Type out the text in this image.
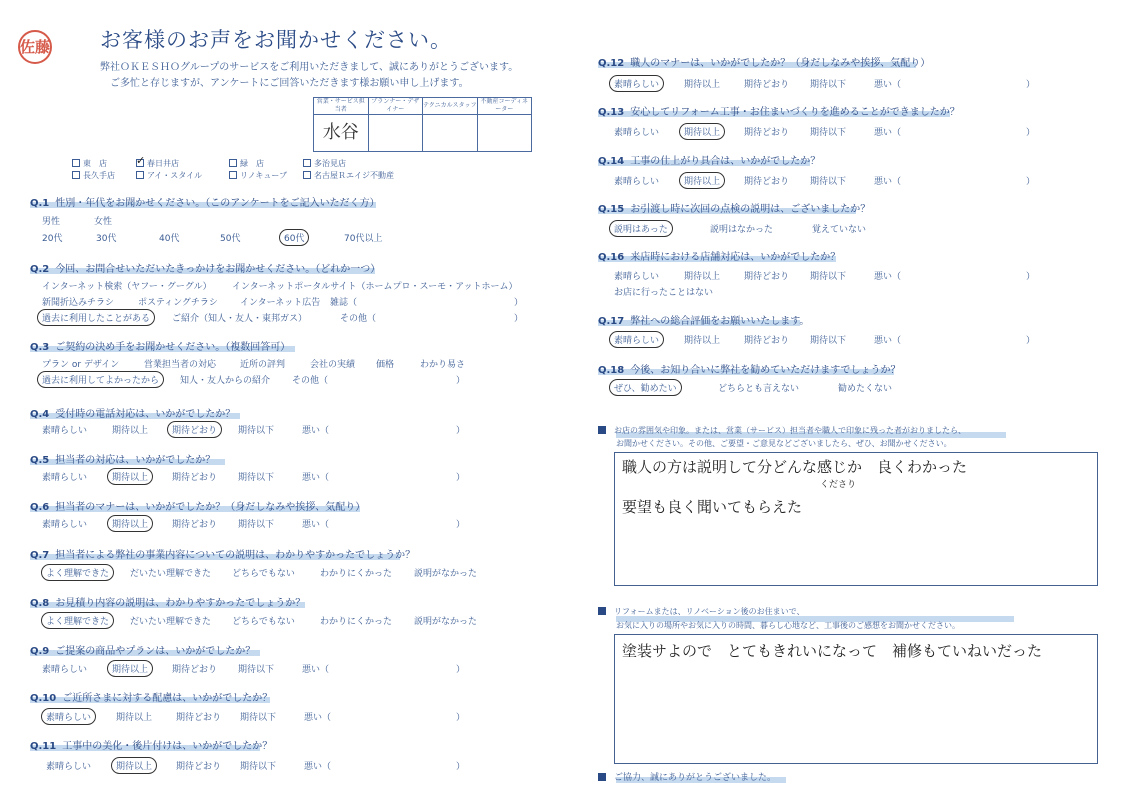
佐藤 お客様のお声をお聞かせください。
弊社ＯＫＥＳＨＯグループのサービスをご利用いただきまして、誠にありがとうございます。
ご多忙と存じますが、アンケートにご回答いただきます様お願い申し上げます。
営業・サービス担当者	プランナー・デザイナー	テクニカルスタッフ	不動産コーディネーター
水谷			
東　店 ✓	春日井店	緑　店	多治見店
長久手店	アイ・スタイル	リノキューブ	名古屋Ｒエイジ不動産
Q.1 性別・年代をお聞かせください。（このアンケートをご記入いただく方）
男性	女性
20代	30代	40代	50代	60代	70代以上
Q.2 今回、お問合せいただいたきっかけをお聞かせください。（どれか一つ）
インターネット検索（ヤフー・グーグル） インターネットポータルサイト（ホームプロ・スーモ・アットホーム）
新聞折込みチラシ	ポスティングチラシ インターネット広告 雑誌（	）
過去に利用したことがある	ご紹介（知人・友人・東邦ガス）	その他（	）
Q.3 ご契約の決め手をお聞かせください。（複数回答可）
プラン or デザイン	営業担当者の対応	近所の評判	会社の実績 価格	わかり易さ
過去に利用してよかったから	知人・友人からの紹介 その他（	）
Q.4 受付時の電話対応は、いかがでしたか？
素晴らしい	期待以上	期待どおり	期待以下	悪い（	）
Q.5 担当者の対応は、いかがでしたか？
素晴らしい	期待以上	期待どおり 期待以下	悪い（	）
Q.6 担当者のマナーは、いかがでしたか？（身だしなみや挨拶、気配り）
素晴らしい	期待以上	期待どおり 期待以下	悪い（	）
Q.7 担当者による弊社の事業内容についての説明は、わかりやすかったでしょうか？
よく理解できた	だいたい理解できた どちらでもない	わかりにくかった 説明がなかった
Q.8 お見積り内容の説明は、わかりやすかったでしょうか？
よく理解できた	だいたい理解できた どちらでもない	わかりにくかった 説明がなかった
Q.9 ご提案の商品やプランは、いかがでしたか？
素晴らしい	期待以上	期待どおり 期待以下	悪い（	）
Q.10 ご近所さまに対する配慮は、いかがでしたか？
素晴らしい	期待以上	期待どおり 期待以下	悪い（	）
Q.11 工事中の美化・後片付けは、いかがでしたか？
素晴らしい	期待以上	期待どおり 期待以下	悪い（	）
Q.12 職人のマナーは、いかがでしたか？（身だしなみや挨拶、気配り）
素晴らしい	期待以上	期待どおり 期待以下	悪い（	）
Q.13 安心してリフォーム工事・お住まいづくりを進めることができましたか？
素晴らしい	期待以上	期待どおり 期待以下	悪い（	）
Q.14 工事の仕上がり具合は、いかがでしたか？
素晴らしい	期待以上	期待どおり 期待以下	悪い（	）
Q.15 お引渡し時に次回の点検の説明は、ございましたか？
説明はあった	説明はなかった	覚えていない
Q.16 来店時における店舗対応は、いかがでしたか？
素晴らしい	期待以上	期待どおり 期待以下	悪い（	）
お店に行ったことはない
Q.17 弊社への総合評価をお願いいたします。
素晴らしい	期待以上	期待どおり 期待以下	悪い（	）
Q.18 今後、お知り合いに弊社を勧めていただけますでしょうか？
ぜひ、勧めたい	どちらとも言えない	勧めたくない
お店の雰囲気や印象。または、営業（サービス）担当者や職人で印象に残った者がおりましたら、
お聞かせください。その他、ご要望・ご意見などございましたら、ぜひ、お聞かせください。
職人の方は説明して分どんな感じか　良くわかった
くださり
要望も良く聞いてもらえた
リフォームまたは、リノベーション後のお住まいで、
お気に入りの場所やお気に入りの時間、暮らし心地など、工事後のご感想をお聞かせください。
塗装サよので　とてもきれいになって　補修もていねいだった
ご協力、誠にありがとうございました。
